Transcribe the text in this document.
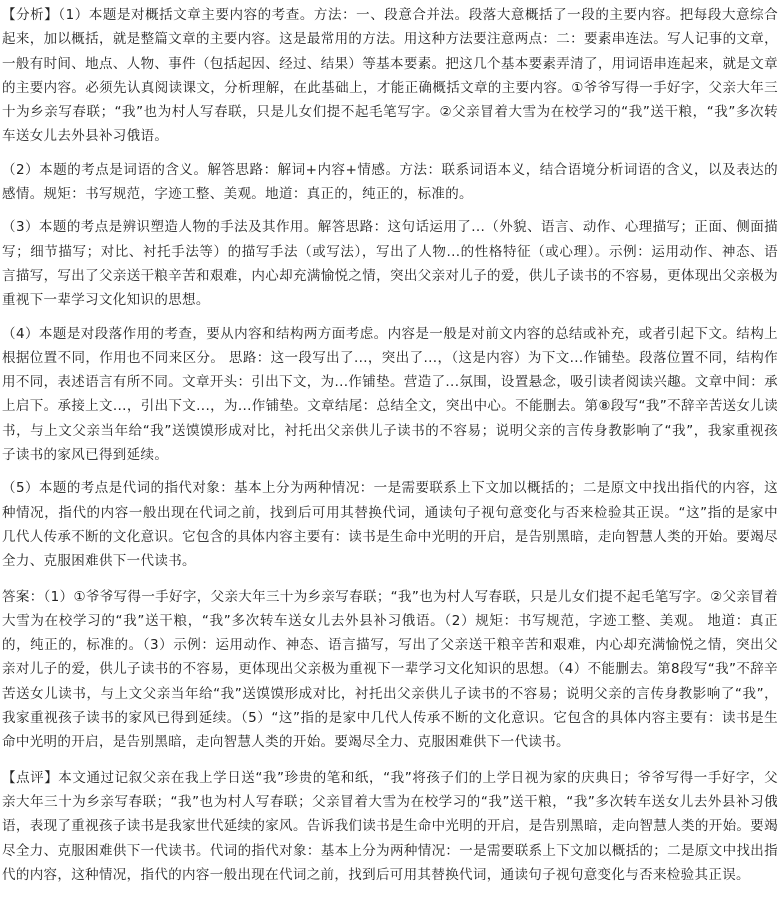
【分析】（1）本题是对概括文章主要内容的考查。方法：一、段意合并法。段落大意概括了一段的主要内容。把每段大意综合起来，加以概括，就是整篇文章的主要内容。这是最常用的方法。用这种方法要注意两点：二：要素串连法。写人记事的文章，一般有时间、地点、人物、事件（包括起因、经过、结果）等基本要素。把这几个基本要素弄清了，用词语串连起来，就是文章的主要内容。必须先认真阅读课文，分析理解，在此基础上，才能正确概括文章的主要内容。①爷爷写得一手好字，父亲大年三十为乡亲写春联；“我”也为村人写春联，只是儿女们提不起毛笔写字。②父亲冒着大雪为在校学习的“我”送干粮，“我”多次转车送女儿去外县补习俄语。

（2）本题的考点是词语的含义。解答思路：解词+内容+情感。方法：联系词语本义，结合语境分析词语的含义，以及表达的感情。规矩：书写规范，字迹工整、美观。地道：真正的，纯正的，标准的。

（3）本题的考点是辨识塑造人物的手法及其作用。解答思路：这句话运用了...（外貌、语言、动作、心理描写；正面、侧面描写；细节描写；对比、衬托手法等）的描写手法（或写法），写出了人物...的性格特征（或心理）。示例：运用动作、神态、语言描写，写出了父亲送干粮辛苦和艰难，内心却充满愉悦之情，突出父亲对儿子的爱，供儿子读书的不容易，更体现出父亲极为重视下一辈学习文化知识的思想。

（4）本题是对段落作用的考查，要从内容和结构两方面考虑。内容是一般是对前文内容的总结或补充，或者引起下文。结构上根据位置不同，作用也不同来区分。 思路：这一段写出了...，突出了...，（这是内容）为下文...作铺垫。段落位置不同，结构作用不同，表述语言有所不同。文章开头：引出下文，为...作铺垫。营造了...氛围，设置悬念，吸引读者阅读兴趣。文章中间：承上启下。承接上文...，引出下文...，为...作铺垫。文章结尾：总结全文，突出中心。不能删去。第⑧段写“我”不辞辛苦送女儿读书，与上文父亲当年给“我”送馍馍形成对比，衬托出父亲供儿子读书的不容易；说明父亲的言传身教影响了“我”，我家重视孩子读书的家风已得到延续。

（5）本题的考点是代词的指代对象：基本上分为两种情况：一是需要联系上下文加以概括的；二是原文中找出指代的内容，这种情况，指代的内容一般出现在代词之前，找到后可用其替换代词，通读句子视句意变化与否来检验其正误。“这”指的是家中几代人传承不断的文化意识。它包含的具体内容主要有：读书是生命中光明的开启，是告别黑暗，走向智慧人类的开始。要竭尽全力、克服困难供下一代读书。

答案：（1）①爷爷写得一手好字，父亲大年三十为乡亲写春联；“我”也为村人写春联，只是儿女们提不起毛笔写字。②父亲冒着大雪为在校学习的“我”送干粮，“我”多次转车送女儿去外县补习俄语。（2）规矩：书写规范，字迹工整、美观。 地道：真正的，纯正的，标准的。（3）示例：运用动作、神态、语言描写，写出了父亲送干粮辛苦和艰难，内心却充满愉悦之情，突出父亲对儿子的爱，供儿子读书的不容易，更体现出父亲极为重视下一辈学习文化知识的思想。（4）不能删去。第8段写“我”不辞辛苦送女儿读书，与上文父亲当年给“我”送馍馍形成对比，衬托出父亲供儿子读书的不容易；说明父亲的言传身教影响了“我”，我家重视孩子读书的家风已得到延续。（5）“这”指的是家中几代人传承不断的文化意识。它包含的具体内容主要有：读书是生命中光明的开启，是告别黑暗，走向智慧人类的开始。要竭尽全力、克服困难供下一代读书。

【点评】本文通过记叙父亲在我上学日送“我”珍贵的笔和纸，“我”将孩子们的上学日视为家的庆典日；爷爷写得一手好字，父亲大年三十为乡亲写春联；“我”也为村人写春联；父亲冒着大雪为在校学习的“我”送干粮，“我”多次转车送女儿去外县补习俄语，表现了重视孩子读书是我家世代延续的家风。告诉我们读书是生命中光明的开启，是告别黑暗，走向智慧人类的开始。要竭尽全力、克服困难供下一代读书。代词的指代对象：基本上分为两种情况：一是需要联系上下文加以概括的；二是原文中找出指代的内容，这种情况，指代的内容一般出现在代词之前，找到后可用其替换代词，通读句子视句意变化与否来检验其正误。
